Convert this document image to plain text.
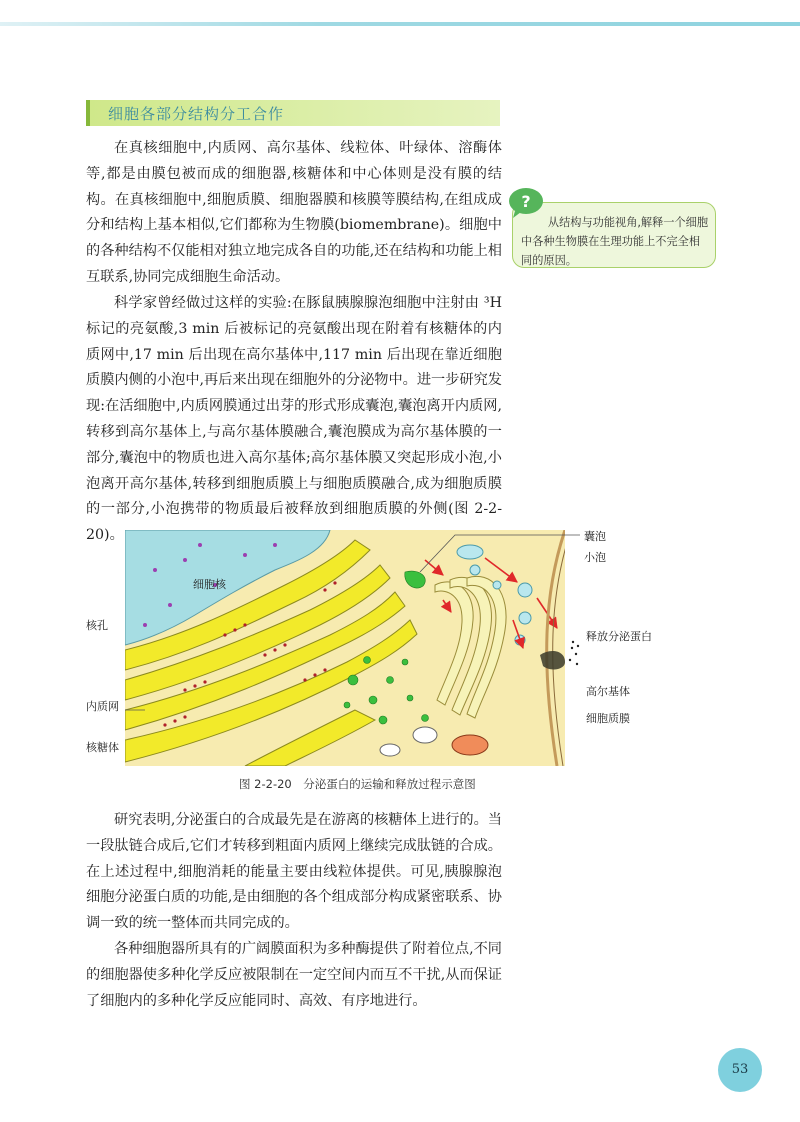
细胞各部分结构分工合作

在真核细胞中,内质网、高尔基体、线粒体、叶绿体、溶酶体等,都是由膜包被而成的细胞器,核糖体和中心体则是没有膜的结构。在真核细胞中,细胞质膜、细胞器膜和核膜等膜结构,在组成成分和结构上基本相似,它们都称为生物膜(biomembrane)。细胞中的各种结构不仅能相对独立地完成各自的功能,还在结构和功能上相互联系,协同完成细胞生命活动。

科学家曾经做过这样的实验:在豚鼠胰腺腺泡细胞中注射由 ³H 标记的亮氨酸,3 min 后被标记的亮氨酸出现在附着有核糖体的内质网中,17 min 后出现在高尔基体中,117 min 后出现在靠近细胞质膜内侧的小泡中,再后来出现在细胞外的分泌物中。进一步研究发现:在活细胞中,内质网膜通过出芽的形式形成囊泡,囊泡离开内质网,转移到高尔基体上,与高尔基体膜融合,囊泡膜成为高尔基体膜的一部分,囊泡中的物质也进入高尔基体;高尔基体膜又突起形成小泡,小泡离开高尔基体,转移到细胞质膜上与细胞质膜融合,成为细胞质膜的一部分,小泡携带的物质最后被释放到细胞质膜的外侧(图 2-2-20)。

?
从结构与功能视角,解释一个细胞中各种生物膜在生理功能上不完全相同的原因。
细胞核
核孔
内质网
核糖体
囊泡
小泡
释放分泌蛋白
高尔基体
细胞质膜
图 2-2-20　分泌蛋白的运输和释放过程示意图

研究表明,分泌蛋白的合成最先是在游离的核糖体上进行的。当一段肽链合成后,它们才转移到粗面内质网上继续完成肽链的合成。在上述过程中,细胞消耗的能量主要由线粒体提供。可见,胰腺腺泡细胞分泌蛋白质的功能,是由细胞的各个组成部分构成紧密联系、协调一致的统一整体而共同完成的。

各种细胞器所具有的广阔膜面积为多种酶提供了附着位点,不同的细胞器使多种化学反应被限制在一定空间内而互不干扰,从而保证了细胞内的多种化学反应能同时、高效、有序地进行。

53
